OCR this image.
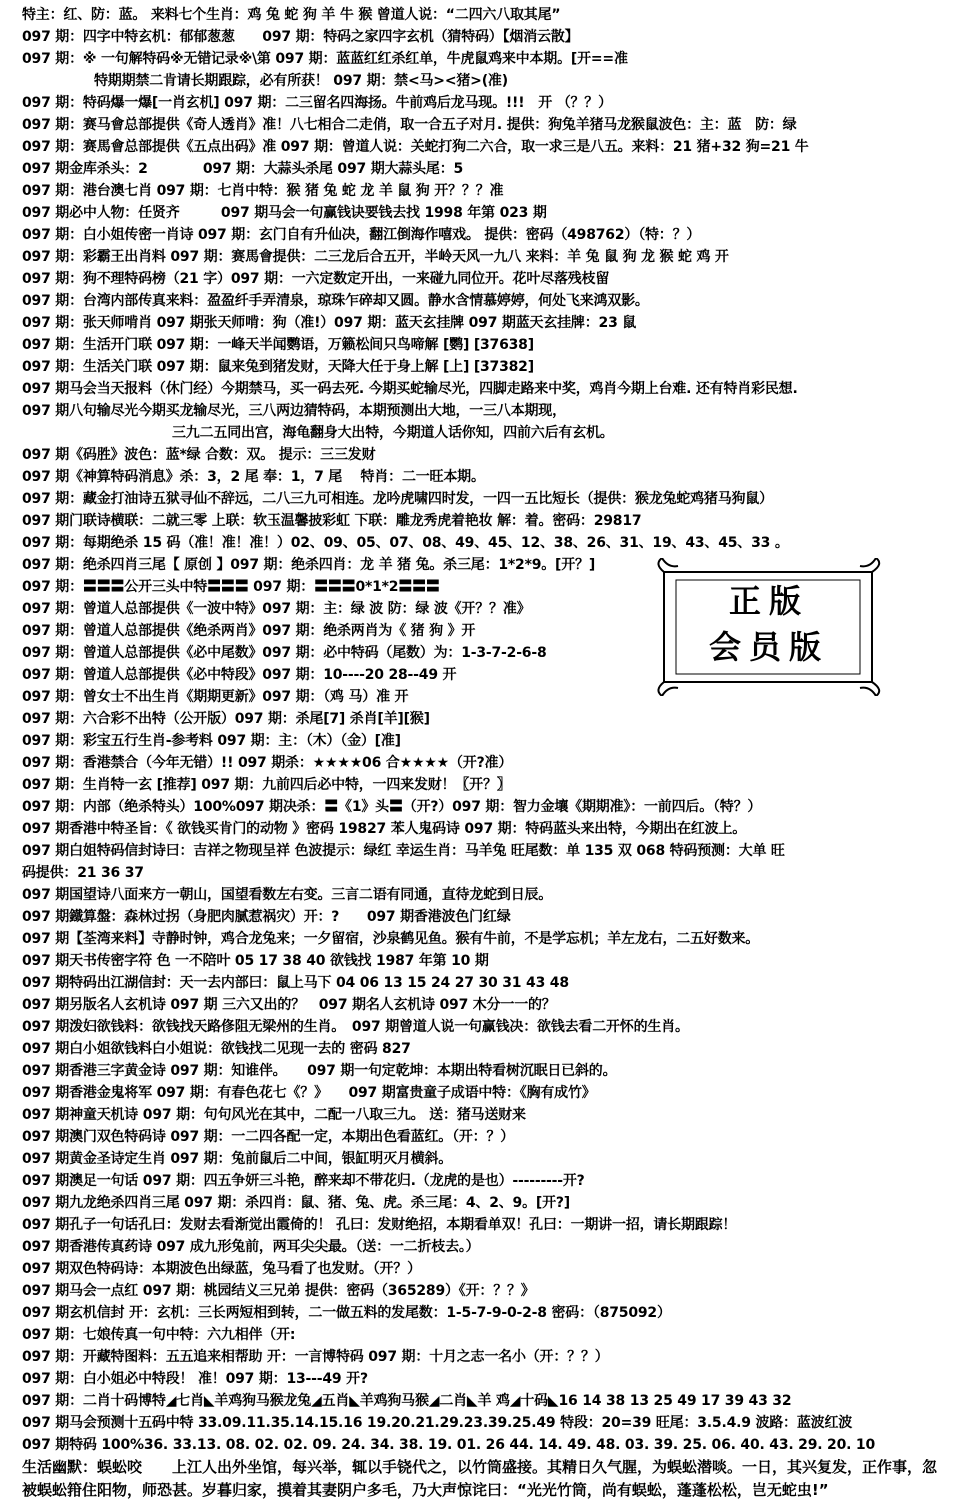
特主：红、防：蓝。 来料七个生肖：鸡 兔 蛇 狗 羊 牛 猴 曾道人说：“二四六八取其尾”
097 期：四字中特玄机：郁郁葱葱　　097 期：特码之家四字玄机（猜特码）【烟消云散】
097 期：※ 一句解特码※无错记录※\第 097 期：蓝蓝红红杀红单，牛虎鼠鸡来中本期。[开==准
特期期禁二肯请长期跟踪，必有所获！ 097 期：禁<马><猪>(准)
097 期：特码爆一爆[一肖玄机] 097 期：二三留名四海扬。牛前鸡后龙马现。!!!　开 （？？）
097 期：赛马會总部提供《奇人透肖》准！八七相合二走俏，取一合五子对月. 提供：狗兔羊猪马龙猴鼠波色：主：蓝　防：绿
097 期：赛馬會总部提供《五点出码》准 097 期：曾道人说：关蛇打狗二六合，取一求三是八五。来料：21 猪+32 狗=21 牛
097 期金库杀头：2　　　　097 期：大蒜头杀尾 097 期大蒜头尾：5
097 期：港台澳七肖 097 期：七肖中特：猴 猪 兔 蛇 龙 羊 鼠 狗 开？？？准
097 期必中人物：任贤齐　　　097 期马会一句赢钱诀要钱去找 1998 年第 023 期
097 期：白小姐传密一肖诗 097 期：玄门自有升仙决，翻江倒海作嘻戏。 提供：密码（498762）（特：？）
097 期：彩霸王出肖料 097 期：赛馬會提供：二三龙后合五开，半岭天风一九八 来料：羊 兔 鼠 狗 龙 猴 蛇 鸡 开
097 期：狗不理特码榜（21 字）097 期：一六定数定开出，一来碰九同位开。花叶尽落残枝留
097 期：台湾内部传真来料：盈盈纤手弄清泉，琼珠乍碎却又圆。静水含情慕婷婷，何处飞来鸿双影。
097 期：张天师啃肖 097 期张天师啃：狗（准!）097 期：蓝天玄挂牌 097 期蓝天玄挂牌：23 鼠
097 期：生活开门联 097 期：一峰天半闻鹦语，万籁松间只鸟啼解 [鹦] [37638]
097 期：生活关门联 097 期：鼠来兔到猪发财，天降大任于身上解 [上] [37382]
097 期马会当天报料（休门经）今期禁马，买一码去死. 今期买蛇输尽光，四脚走路来中奖，鸡肖今期上台难. 还有特肖彩民想.
097 期八句输尽光今期买龙输尽光，三八两边猜特码，本期预测出大地，一三八本期现，
三九二五同出宫，海龟翻身大出特，今期道人话你知，四前六后有玄机。
097 期《码胜》波色：蓝*绿 合数：双。 提示：三三发财
097 期《神算特码消息》杀：3，2 尾 奉：1，7 尾　 特肖：二一旺本期。
097 期：藏金打油诗五狱寻仙不辞远，二八三九可相连。龙吟虎啸四时发，一四一五比短长（提供：猴龙兔蛇鸡猪马狗鼠）
097 期门联诗横联：二就三零 上联：软玉温馨披彩虹 下联：雕龙秀虎着艳妆 解：着。密码：29817
097 期：每期绝杀 15 码（准！准！准！）02、09、05、07、08、49、45、12、38、26、31、19、43、45、33 。
097 期：绝杀四肖三尾【 原创 】097 期：绝杀四肖：龙 羊 猪 兔。杀三尾：1*2*9。[开？]
097 期：〓〓〓公开三头中特〓〓〓 097 期：〓〓〓0*1*2〓〓〓
097 期：曾道人总部提供《一波中特》097 期：主：绿 波 防：绿 波《开？？准》
097 期：曾道人总部提供《绝杀两肖》097 期：绝杀两肖为《 猪 狗 》开
097 期：曾道人总部提供《必中尾数》097 期：必中特码（尾数）为：1-3-7-2-6-8
097 期：曾道人总部提供《必中特段》097 期：10----20 28--49 开
097 期：曾女士不出生肖《期期更新》097 期：（鸡 马）准 开
097 期：六合彩不出特（公开版）097 期：杀尾[7] 杀肖[羊][猴]
097 期：彩宝五行生肖-参考料 097 期：主：（木）（金）[准]
097 期：香港禁合（今年无错）!! 097 期杀：★★★★06 合★★★★（开?准）
097 期：生肖特一玄 [推荐] 097 期：九前四后必中特，一四来发财！〖开？〗
097 期：内部（绝杀特头）100%097 期决杀：〓《1》头〓（开?）097 期：智力金壤《期期准》：一前四后。（特？）
097 期香港中特圣旨：《 欲钱买肯门的动物 》密码 19827 苯人鬼码诗 097 期：特码蓝头来出特，今期出在红波上。
097 期白姐特码信封诗曰：吉祥之物现呈祥 色波提示：绿红 幸运生肖：马羊兔 旺尾数：单 135 双 068 特码预测：大单 旺
码提供：21 36 37
097 期国望诗八面来方一朝山，国望看数左右变。三言二语有同通，直待龙蛇到日辰。
097 期鐵算盤：森林过拐（身肥肉腻惹祸灾）开：?　　097 期香港波色门红绿
097 期【荃湾来料】寺静时钟，鸡合龙兔来；一夕留宿，沙泉鹤见鱼。猴有牛前，不是学忘机；羊左龙右，二五好数来。
097 期天书传密字符 色 一不陪叶 05 17 38 40 欲钱找 1987 年第 10 期
097 期特码出江湖信封：天一去内部曰：鼠上马下 04 06 13 15 24 27 30 31 43 48
097 期另版名人玄机诗 097 期 三六又出的？　097 期名人玄机诗 097 木分一一的？
097 期泼妇欲钱料：欲钱找天路俢阻无梁州的生肖。　097 期曾道人说一句赢钱决：欲钱去看二开怀的生肖。
097 期白小姐欲钱料白小姐说：欲钱找二见现一去的 密码 827
097 期香港三字黄金诗 097 期：知谁伴。　　097 期一句定乾坤：本期出特看树沉眠日已斜的。
097 期香港金鬼将军 097 期：有春色花七《？》　　097 期富贵童子成语中特：《胸有成竹》
097 期神童天机诗 097 期：句句风光在其中，二配一八取三九。 送：猪马送财来
097 期澳门双色特码诗 097 期：一二四各配一定，本期出色看蓝红。（开：？）
097 期黄金圣诗定生肖 097 期：兔前鼠后二中间，银缸明灭月横斜。
097 期澳足一句话 097 期：四五争妍三斗艳，醉来却不带花归.（龙虎的是也）---------开?
097 期九龙绝杀四肖三尾 097 期：杀四肖：鼠、猪、兔、虎。杀三尾：4、2、9。[开?]
097 期孔子一句话孔曰：发财去看渐觉出霞倚的！ 孔曰：发财绝招，本期看单双！孔曰：一期讲一招，请长期跟踪！
097 期香港传真药诗 097 成九形兔前，两耳尖尖最。（送：一二折枝去。）
097 期双色特码诗：本期波色出绿蓝，兔马看了也发财。（开？）
097 期马会一点红 097 期：桃园结义三兄弟 提供：密码（365289）《开：？？》
097 期玄机信封 开：玄机：三长两短相到转，二一做五料的发尾数：1-5-7-9-0-2-8 密码：（875092）
097 期：七娘传真一句中特：六九相伴（开:
097 期：开藏特图料：五五追来相帮助 开：一言博特码 097 期：十月之志一名小（开：？？）
097 期：白小姐必中特段！ 准！097 期：13---49 开?
097 期：二肖十码博特◢七肖◣羊鸡狗马猴龙兔◢五肖◣羊鸡狗马猴◢二肖◣羊 鸡◢十码◣16 14 38 13 25 49 17 39 43 32
097 期马会预测十五码中特 33.09.11.35.14.15.16 19.20.21.29.23.39.25.49 特段：20=39 旺尾：3.5.4.9 波路：蓝波红波
097 期特码 100%36. 33.13. 08. 02. 02. 09. 24. 34. 38. 19. 01. 26 44. 14. 49. 48. 03. 39. 25. 06. 40. 43. 29. 20. 10
生活幽默：蜈蚣咬　　上江人出外坐馆，每兴举，辄以手铙代之，以竹筒盛接。其精日久气腥，为蜈蚣潜啖。一日，其兴复发，正作事，忽被蜈蚣箝住阳物，师恐甚。岁暮归家，摸着其妻阴户多毛，乃大声惊诧曰：“光光竹筒，尚有蜈蚣，蓬蓬松松，岂无蛇虫!”
正版
会员版
